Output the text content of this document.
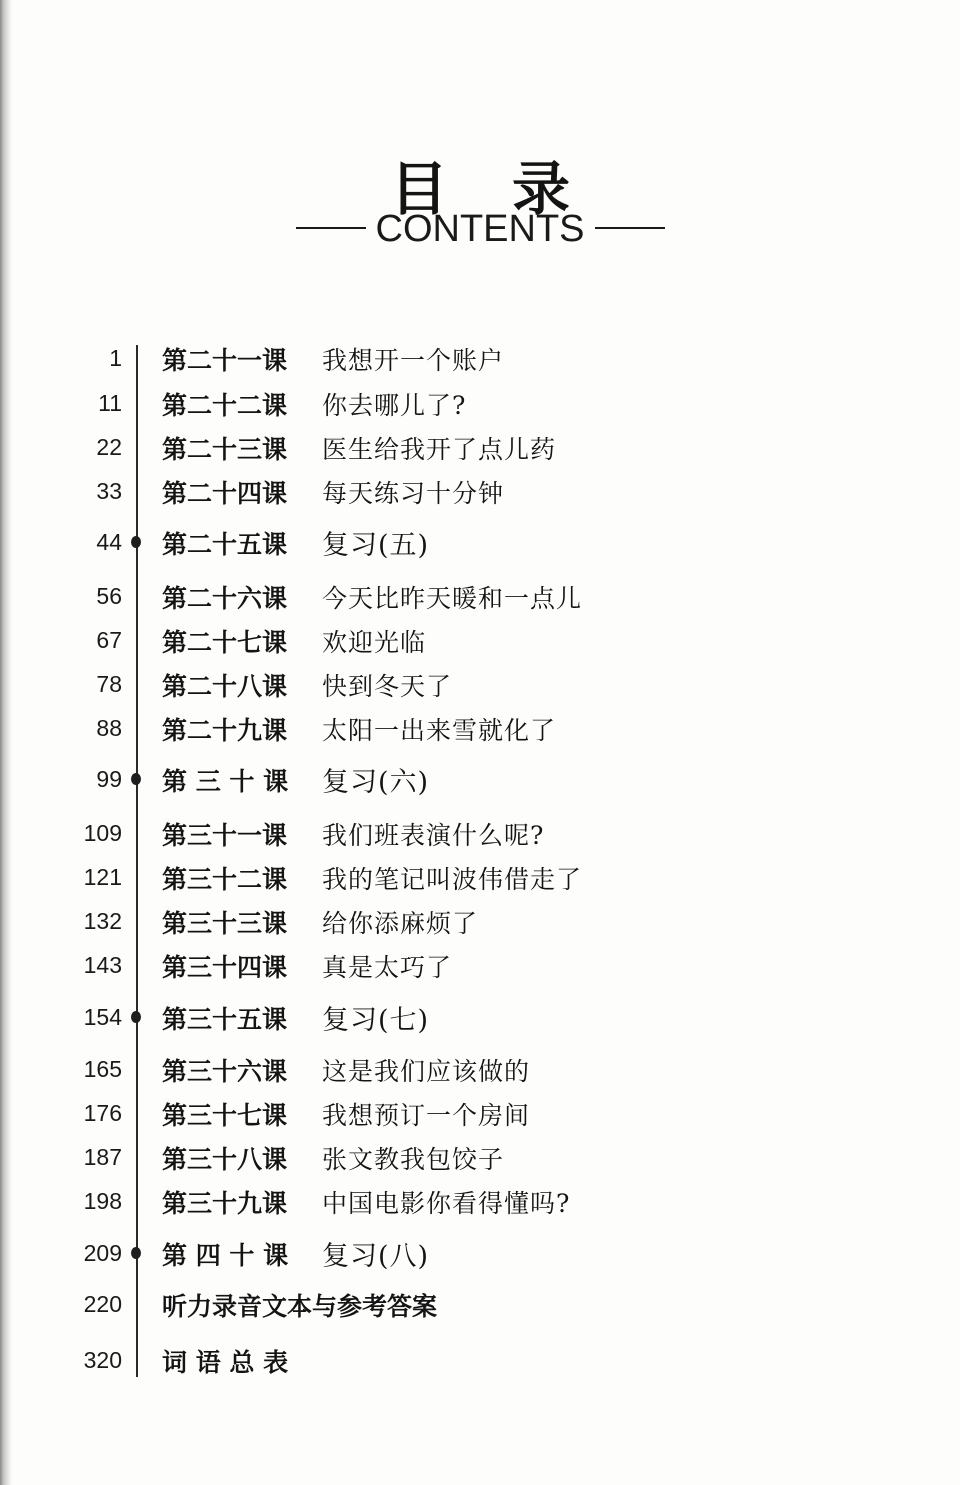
目 录
CONTENTS
1 第二十一课 我想开一个账户
11 第二十二课 你去哪儿了?
22 第二十三课 医生给我开了点儿药
33 第二十四课 每天练习十分钟
44 第二十五课 复习(五)
56 第二十六课 今天比昨天暖和一点儿
67 第二十七课 欢迎光临
78 第二十八课 快到冬天了
88 第二十九课 太阳一出来雪就化了
99 第 三 十 课 复习(六)
109 第三十一课 我们班表演什么呢?
121 第三十二课 我的笔记叫波伟借走了
132 第三十三课 给你添麻烦了
143 第三十四课 真是太巧了
154 第三十五课 复习(七)
165 第三十六课 这是我们应该做的
176 第三十七课 我想预订一个房间
187 第三十八课 张文教我包饺子
198 第三十九课 中国电影你看得懂吗?
209 第 四 十 课 复习(八)
220 听力录音文本与参考答案
320 词 语 总 表
